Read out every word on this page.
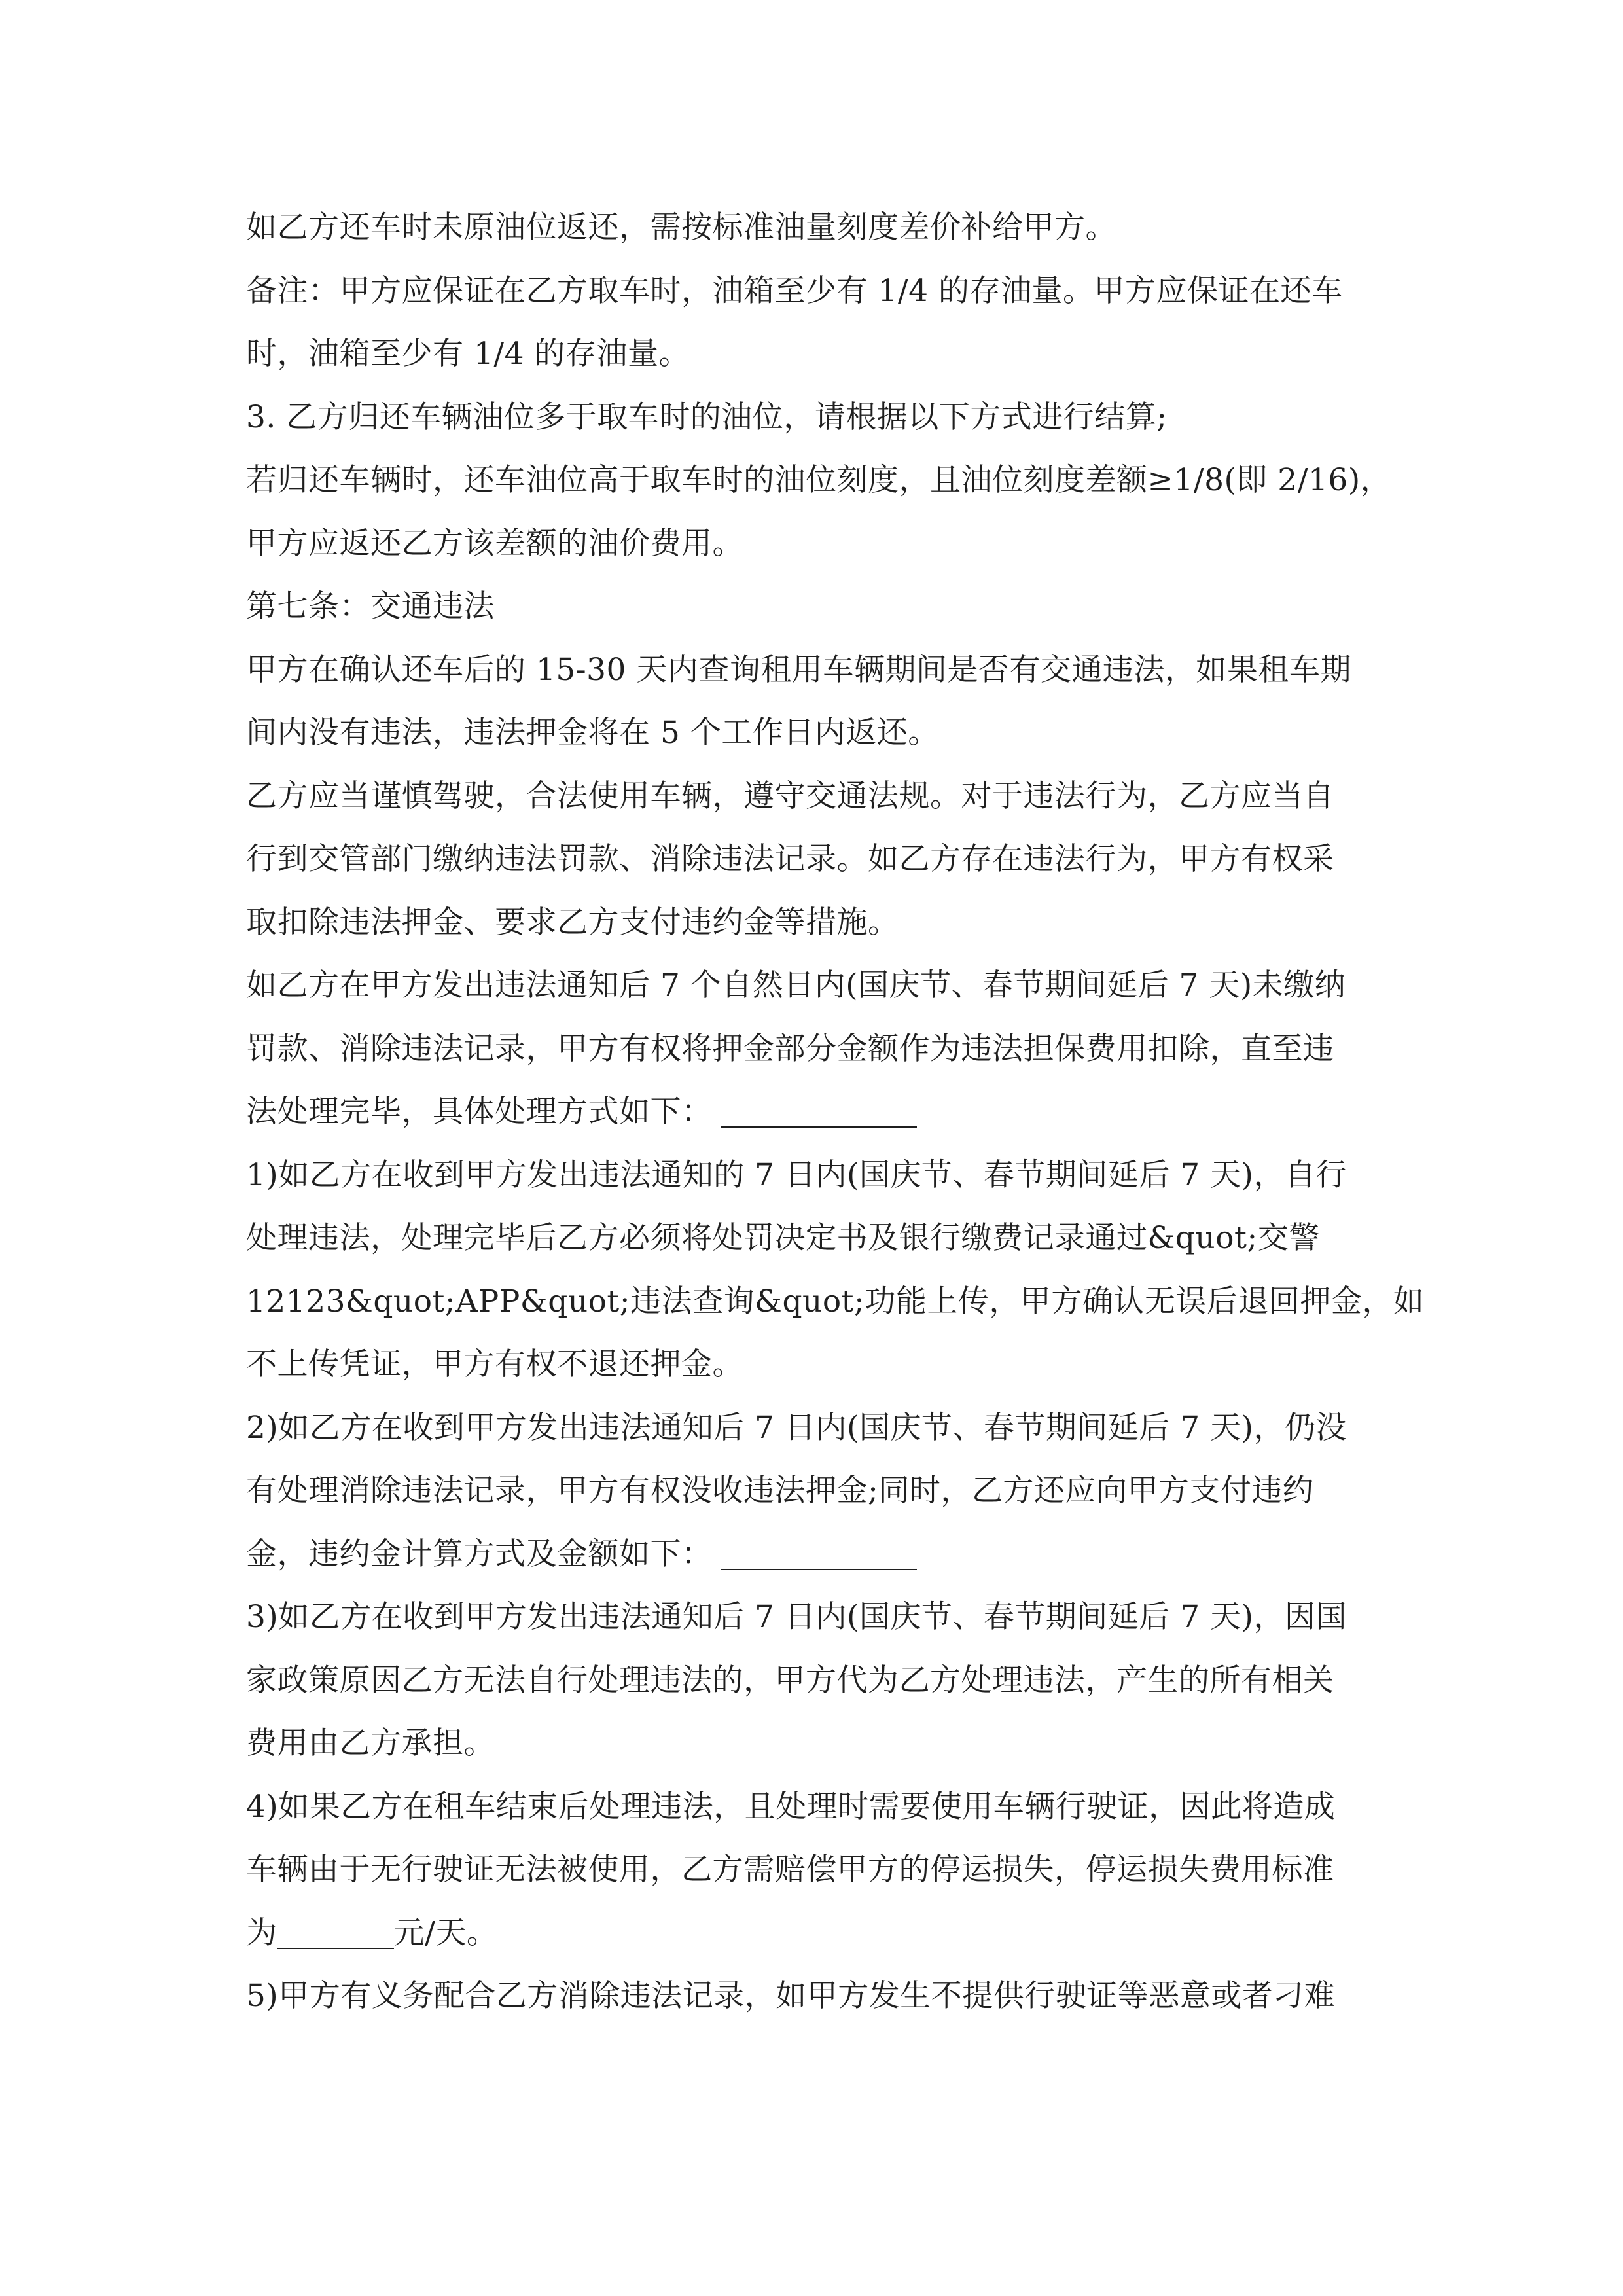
如乙方还车时未原油位返还，需按标准油量刻度差价补给甲方。
备注：甲方应保证在乙方取车时，油箱至少有 1/4 的存油量。甲方应保证在还车
时，油箱至少有 1/4 的存油量。
3. 乙方归还车辆油位多于取车时的油位，请根据以下方式进行结算;
若归还车辆时，还车油位高于取车时的油位刻度，且油位刻度差额≥1/8(即 2/16)，
甲方应返还乙方该差额的油价费用。
第七条：交通违法
甲方在确认还车后的 15-30 天内查询租用车辆期间是否有交通违法，如果租车期
间内没有违法，违法押金将在 5 个工作日内返还。
乙方应当谨慎驾驶，合法使用车辆，遵守交通法规。对于违法行为，乙方应当自
行到交管部门缴纳违法罚款、消除违法记录。如乙方存在违法行为，甲方有权采
取扣除违法押金、要求乙方支付违约金等措施。
如乙方在甲方发出违法通知后 7 个自然日内(国庆节、春节期间延后 7 天)未缴纳
罚款、消除违法记录，甲方有权将押金部分金额作为违法担保费用扣除，直至违
法处理完毕，具体处理方式如下：
1)如乙方在收到甲方发出违法通知的 7 日内(国庆节、春节期间延后 7 天)，自行
处理违法，处理完毕后乙方必须将处罚决定书及银行缴费记录通过&quot;交警
12123&quot;APP&quot;违法查询&quot;功能上传，甲方确认无误后退回押金，如
不上传凭证，甲方有权不退还押金。
2)如乙方在收到甲方发出违法通知后 7 日内(国庆节、春节期间延后 7 天)，仍没
有处理消除违法记录，甲方有权没收违法押金;同时，乙方还应向甲方支付违约
金，违约金计算方式及金额如下：
3)如乙方在收到甲方发出违法通知后 7 日内(国庆节、春节期间延后 7 天)，因国
家政策原因乙方无法自行处理违法的，甲方代为乙方处理违法，产生的所有相关
费用由乙方承担。
4)如果乙方在租车结束后处理违法，且处理时需要使用车辆行驶证，因此将造成
车辆由于无行驶证无法被使用，乙方需赔偿甲方的停运损失，停运损失费用标准
为	元/天。
5)甲方有义务配合乙方消除违法记录，如甲方发生不提供行驶证等恶意或者刁难
